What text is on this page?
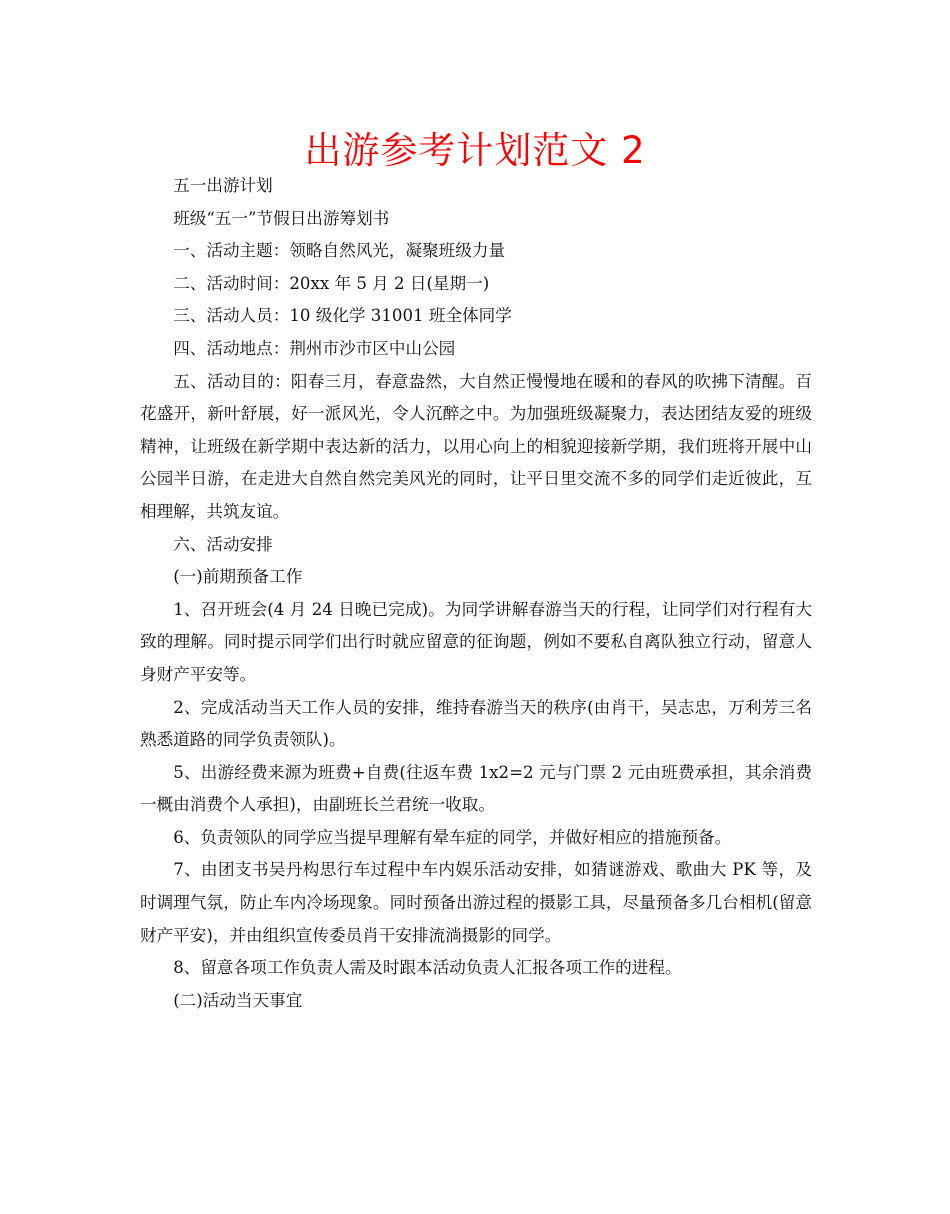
出游参考计划范文 2

五一出游计划

班级“五一”节假日出游筹划书

一、活动主题：领略自然风光，凝聚班级力量

二、活动时间：20xx 年 5 月 2 日(星期一)

三、活动人员：10 级化学 31001 班全体同学

四、活动地点：荆州市沙市区中山公园

五、活动目的：阳春三月，春意盎然，大自然正慢慢地在暖和的春风的吹拂下清醒。百花盛开，新叶舒展，好一派风光，令人沉醉之中。为加强班级凝聚力，表达团结友爱的班级精神，让班级在新学期中表达新的活力，以用心向上的相貌迎接新学期，我们班将开展中山公园半日游，在走进大自然自然完美风光的同时，让平日里交流不多的同学们走近彼此，互相理解，共筑友谊。

六、活动安排

(一)前期预备工作

1、召开班会(4 月 24 日晚已完成)。为同学讲解春游当天的行程，让同学们对行程有大致的理解。同时提示同学们出行时就应留意的征询题，例如不要私自离队独立行动，留意人身财产平安等。

2、完成活动当天工作人员的安排，维持春游当天的秩序(由肖干，吴志忠，万利芳三名熟悉道路的同学负责领队)。

5、出游经费来源为班费+自费(往返车费 1x2=2 元与门票 2 元由班费承担，其余消费一概由消费个人承担)，由副班长兰君统一收取。

6、负责领队的同学应当提早理解有晕车症的同学，并做好相应的措施预备。

7、由团支书吴丹构思行车过程中车内娱乐活动安排，如猜谜游戏、歌曲大 PK 等，及时调理气氛，防止车内冷场现象。同时预备出游过程的摄影工具，尽量预备多几台相机(留意财产平安)，并由组织宣传委员肖干安排流淌摄影的同学。

8、留意各项工作负责人需及时跟本活动负责人汇报各项工作的进程。

(二)活动当天事宜
